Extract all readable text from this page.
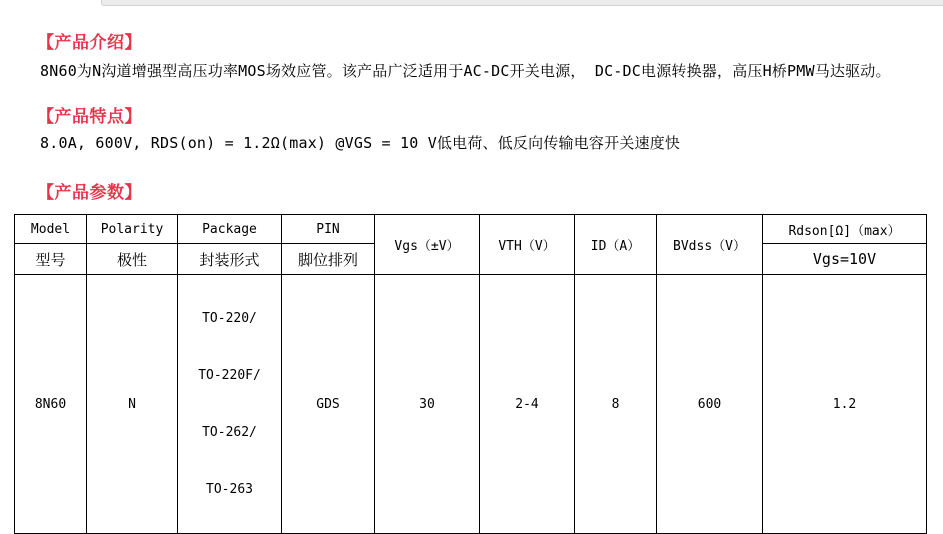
【产品介绍】
8N60为N沟道增强型高压功率MOS场效应管。该产品广泛适用于AC-DC开关电源， DC-DC电源转换器，高压H桥PMW马达驱动。
【产品特点】
8.0A, 600V, RDS(on) = 1.2Ω(max) @VGS = 10 V低电荷、低反向传输电容开关速度快
【产品参数】
Model	Polarity	Package	PIN	Vgs（±V）	VTH（V）	ID（A）	BVdss（V）	Rdson[Ω]（max）
型号	极性	封装形式	脚位排列					Vgs=10V
8N60	N	TO-220/

TO-220F/

TO-262/

TO-263	GDS	30	2-4	8	600	1.2
